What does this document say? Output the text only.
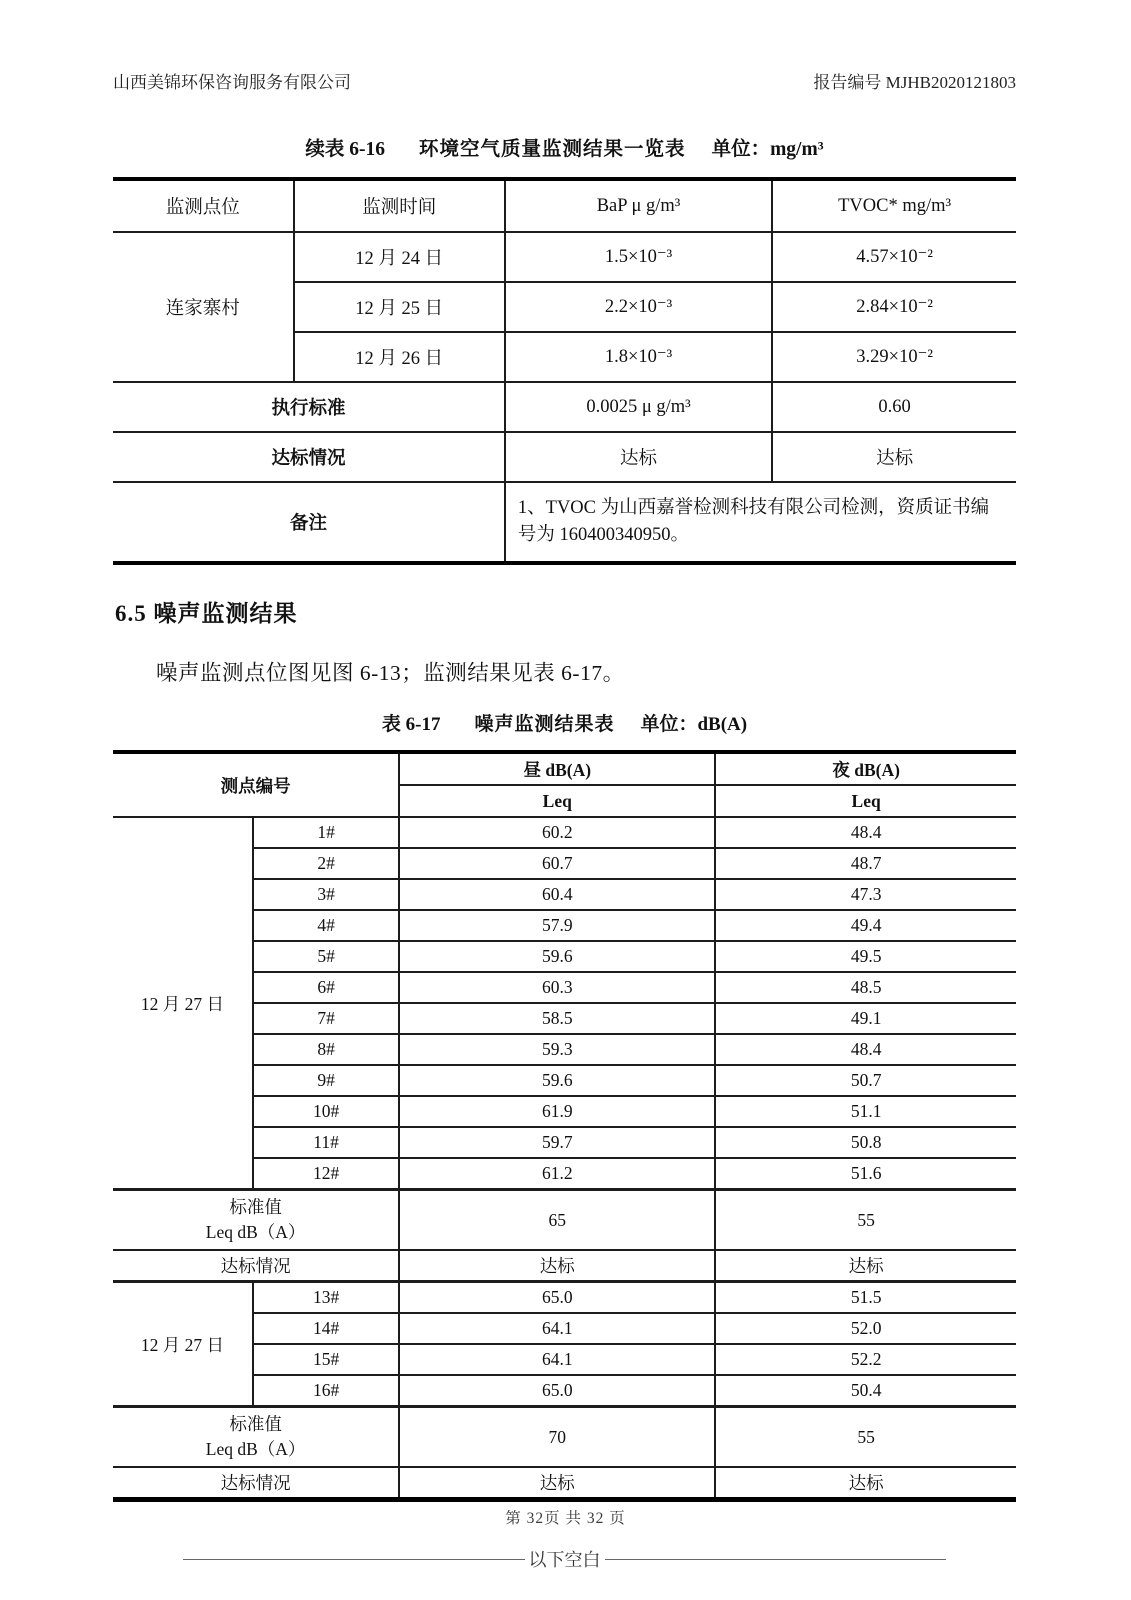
山西美锦环保咨询服务有限公司	报告编号 MJHB2020121803
续表 6-16 环境空气质量监测结果一览表 单位：mg/m³
监测点位	监测时间	BaP μ g/m³	TVOC* mg/m³
连家寨村	12 月 24 日	1.5×10⁻³	4.57×10⁻²
	12 月 25 日	2.2×10⁻³	2.84×10⁻²
	12 月 26 日	1.8×10⁻³	3.29×10⁻²
执行标准		0.0025 μ g/m³	0.60
达标情况		达标	达标
备注		1、TVOC 为山西嘉誉检测科技有限公司检测，资质证书编号为 160400340950。	
6.5 噪声监测结果
噪声监测点位图见图 6-13；监测结果见表 6-17。
表 6-17 噪声监测结果表 单位：dB(A)
测点编号		昼 dB(A)	夜 dB(A)
		Leq	Leq
12 月 27 日	1#	60.2	48.4
	2#	60.7	48.7
	3#	60.4	47.3
	4#	57.9	49.4
	5#	59.6	49.5
	6#	60.3	48.5
	7#	58.5	49.1
	8#	59.3	48.4
	9#	59.6	50.7
	10#	61.9	51.1
	11#	59.7	50.8
	12#	61.2	51.6
标准值
Leq dB（A）		65	55
达标情况		达标	达标
12 月 27 日	13#	65.0	51.5
	14#	64.1	52.0
	15#	64.1	52.2
	16#	65.0	50.4
标准值
Leq dB（A）		70	55
达标情况		达标	达标
以下空白
第 32页 共 32 页
